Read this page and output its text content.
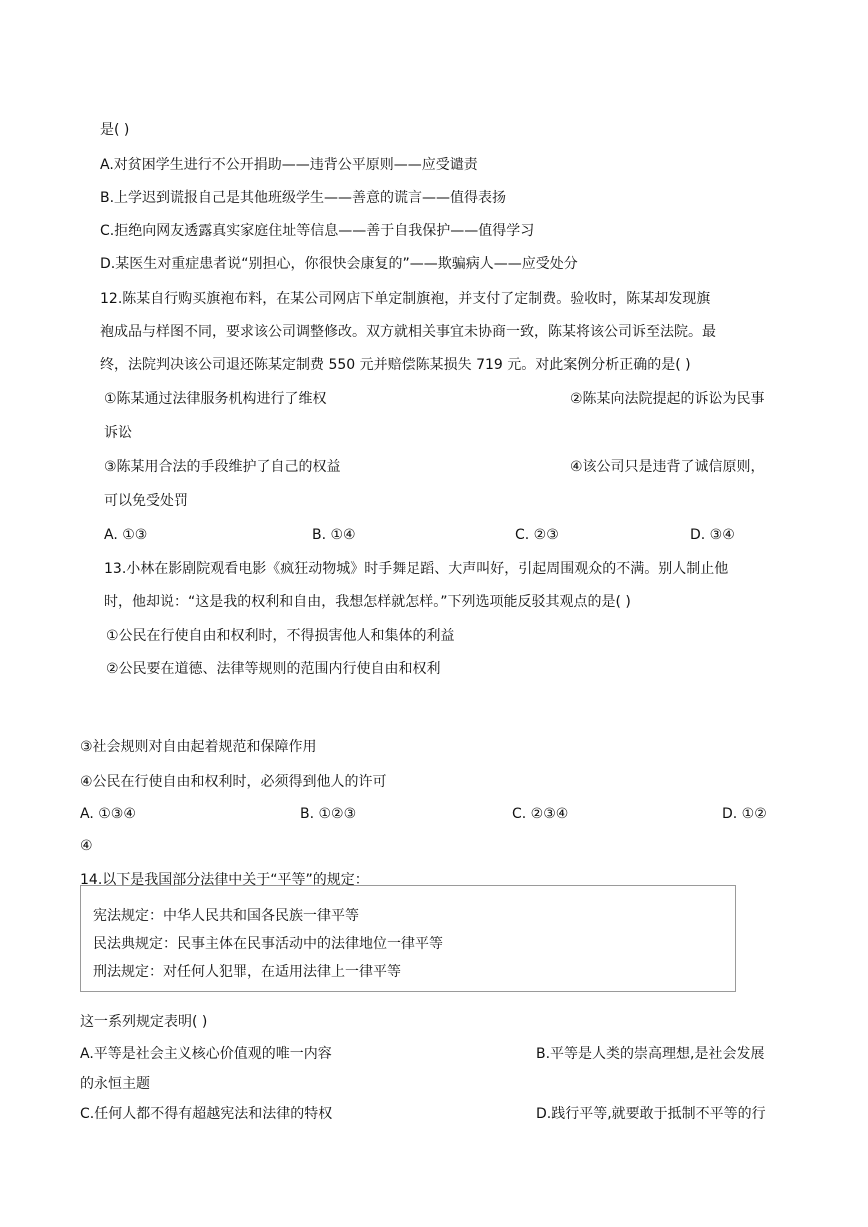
是( )
A.对贫困学生进行不公开捐助——违背公平原则——应受谴责
B.上学迟到谎报自己是其他班级学生——善意的谎言——值得表扬
C.拒绝向网友透露真实家庭住址等信息——善于自我保护——值得学习
D.某医生对重症患者说“别担心，你很快会康复的”——欺骗病人——应受处分
12.陈某自行购买旗袍布料，在某公司网店下单定制旗袍，并支付了定制费。验收时，陈某却发现旗
袍成品与样图不同，要求该公司调整修改。双方就相关事宜未协商一致，陈某将该公司诉至法院。最
终，法院判决该公司退还陈某定制费 550 元并赔偿陈某损失 719 元。对此案例分析正确的是( )
①陈某通过法律服务机构进行了维权	②陈某向法院提起的诉讼为民事
诉讼
③陈某用合法的手段维护了自己的权益	④该公司只是违背了诚信原则，
可以免受处罚
A. ①③	B. ①④	C. ②③	D. ③④
13.小林在影剧院观看电影《疯狂动物城》时手舞足蹈、大声叫好，引起周围观众的不满。别人制止他
时，他却说：“这是我的权利和自由，我想怎样就怎样。”下列选项能反驳其观点的是( )
①公民在行使自由和权利时，不得损害他人和集体的利益
②公民要在道德、法律等规则的范围内行使自由和权利
③社会规则对自由起着规范和保障作用
④公民在行使自由和权利时，必须得到他人的许可
A. ①③④	B. ①②③	C. ②③④	D. ①②
④
14.以下是我国部分法律中关于“平等”的规定：
宪法规定：中华人民共和国各民族一律平等
民法典规定：民事主体在民事活动中的法律地位一律平等
刑法规定：对任何人犯罪，在适用法律上一律平等
这一系列规定表明( )
A.平等是社会主义核心价值观的唯一内容	B.平等是人类的崇高理想,是社会发展
的永恒主题
C.任何人都不得有超越宪法和法律的特权	D.践行平等,就要敢于抵制不平等的行
